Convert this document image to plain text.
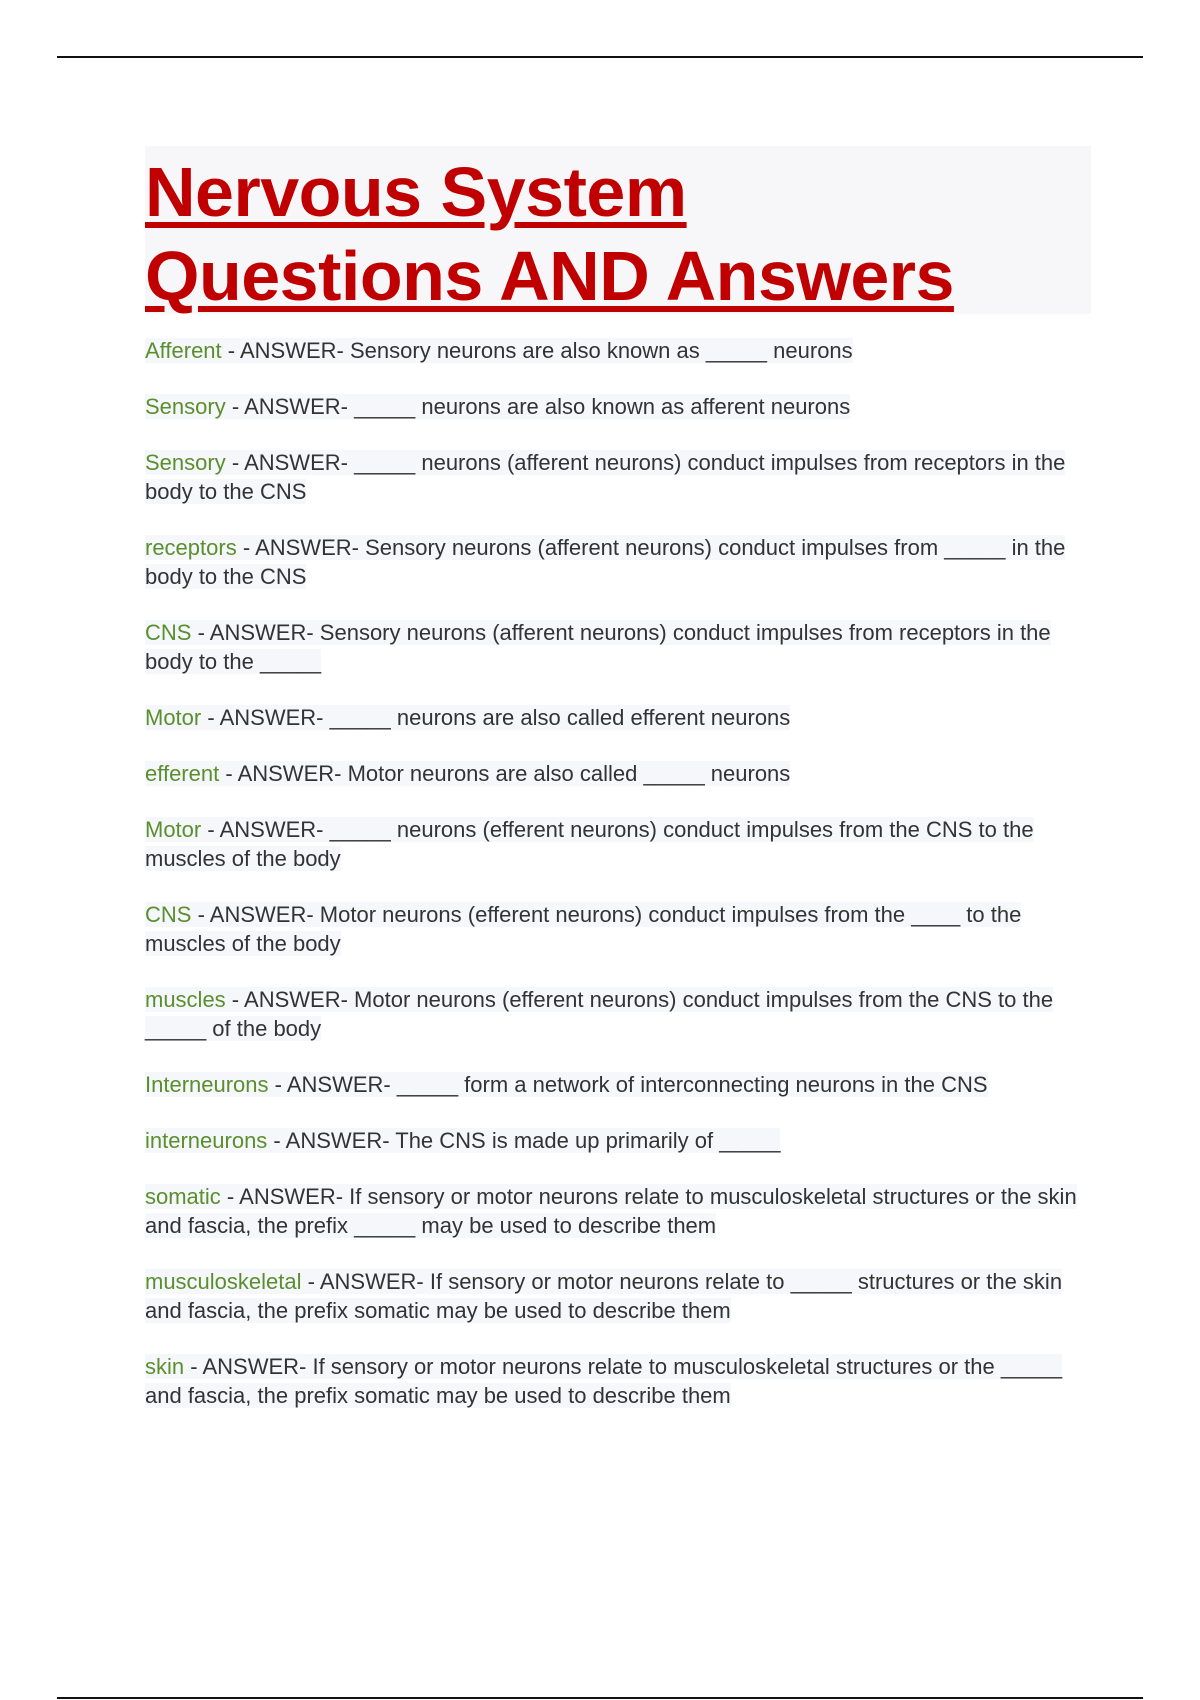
Nervous System
Questions AND Answers

Afferent - ANSWER- Sensory neurons are also known as _____ neurons

Sensory - ANSWER- _____ neurons are also known as afferent neurons

Sensory - ANSWER- _____ neurons (afferent neurons) conduct impulses from receptors in the body to the CNS

receptors - ANSWER- Sensory neurons (afferent neurons) conduct impulses from _____ in the body to the CNS

CNS - ANSWER- Sensory neurons (afferent neurons) conduct impulses from receptors in the body to the _____

Motor - ANSWER- _____ neurons are also called efferent neurons

efferent - ANSWER- Motor neurons are also called _____ neurons

Motor - ANSWER- _____ neurons (efferent neurons) conduct impulses from the CNS to the muscles of the body

CNS - ANSWER- Motor neurons (efferent neurons) conduct impulses from the ____ to the muscles of the body

muscles - ANSWER- Motor neurons (efferent neurons) conduct impulses from the CNS to the _____ of the body

Interneurons - ANSWER- _____ form a network of interconnecting neurons in the CNS

interneurons - ANSWER- The CNS is made up primarily of _____

somatic - ANSWER- If sensory or motor neurons relate to musculoskeletal structures or the skin and fascia, the prefix _____ may be used to describe them

musculoskeletal - ANSWER- If sensory or motor neurons relate to _____ structures or the skin and fascia, the prefix somatic may be used to describe them

skin - ANSWER- If sensory or motor neurons relate to musculoskeletal structures or the _____ and fascia, the prefix somatic may be used to describe them
